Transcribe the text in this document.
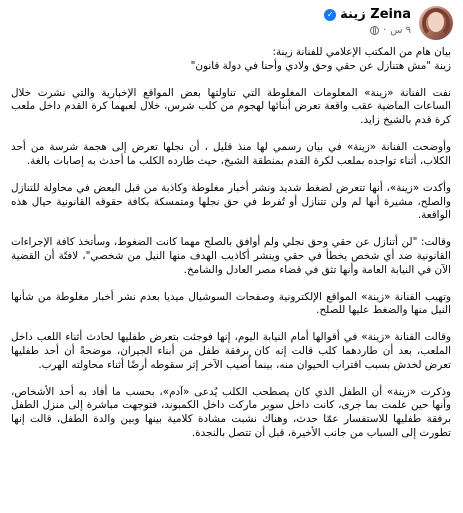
Zeina زينة
✓
٩ س
·

بيان هام من المكتب الإعلامي للفنانة زينة:

زينة "مش هتنازل عن حقي وحق ولادي وأحنا في دولة قانون"

نفت الفنانة «زينة» المعلومات المغلوطة التي تناولتها بعض المواقع الإخبارية والتي نشرت خلال الساعات الماضية عقب واقعة تعرض أبنائها لهجوم من كلب شرس، خلال لعبهما كرة القدم داخل ملعب كرة قدم بالشيخ زايد.

وأوضحت الفنانة «زينة» في بيان رسمي لها منذ قليل ، أن نجلها تعرض إلى هجمة شرسة من أحد الكلاب، أثناء تواجده بملعب لكرة القدم بمنطقة الشيخ، حيث طارده الكلب ما أحدث به إصابات بالغة.

وأكدت «زينة»، أنها تتعرض لضغط شديد ونشر أخبار مغلوطة وكاذبة من قبل البعض في محاولة للتنازل والصلح، مشيرة أنها لم ولن تتنازل أو تُفرط في حق نجلها ومتمسكة بكافة حقوقه القانونية حيال هذه الواقعة.

وقالت: "لن أتنازل عن حقي وحق نجلي ولم أوافق بالصلح مهما كانت الضغوط، وسأتخذ كافة الإجراءات القانونية ضد أي شخص يخطأ في حقي وينشر أكاذيب الهدف منها النيل من شخصي"، لافتًة أن القضية الآن في النيابة العامة وأنها تثق في قضاء مصر العادل والشامخ.

وتهيب الفنانة «زينة» المواقع الإلكترونية وصفحات السوشيال ميديا بعدم نشر أخبار مغلوطة من شأنها النيل منها والضغط عليها للصلح.

وقالت الفنانة «زينة» في أقوالها أمام النيابة اليوم، إنها فوجئت بتعرض طفليها لحادث أثناء اللعب داخل الملعب، بعد أن طاردهما كلب قالت إنه كان برفقة طفل من أبناء الجيران، موضحةً أن أحد طفليها تعرض لخدش بسبب اقتراب الحيوان منه، بينما أُصيب الآخر إثر سقوطه أرضًا أثناء محاولته الهرب.

وذكرت «زينة» أن الطفل الذي كان يصطحب الكلب يُدعى «آدم»، بحسب ما أفاد به أحد الأشخاص، وأنها حين علمت بما جرى، كانت داخل سوبر ماركت داخل الكمبوند، فتوجهت مباشرة إلى منزل الطفل برفقة طفليها للاستفسار عمّا حدث، وهناك نشبت مشادة كلامية بينها وبين والدة الطفل، قالت إنها تطورت إلى السباب من جانب الأخيرة، قبل أن تتصل بالنجدة.
